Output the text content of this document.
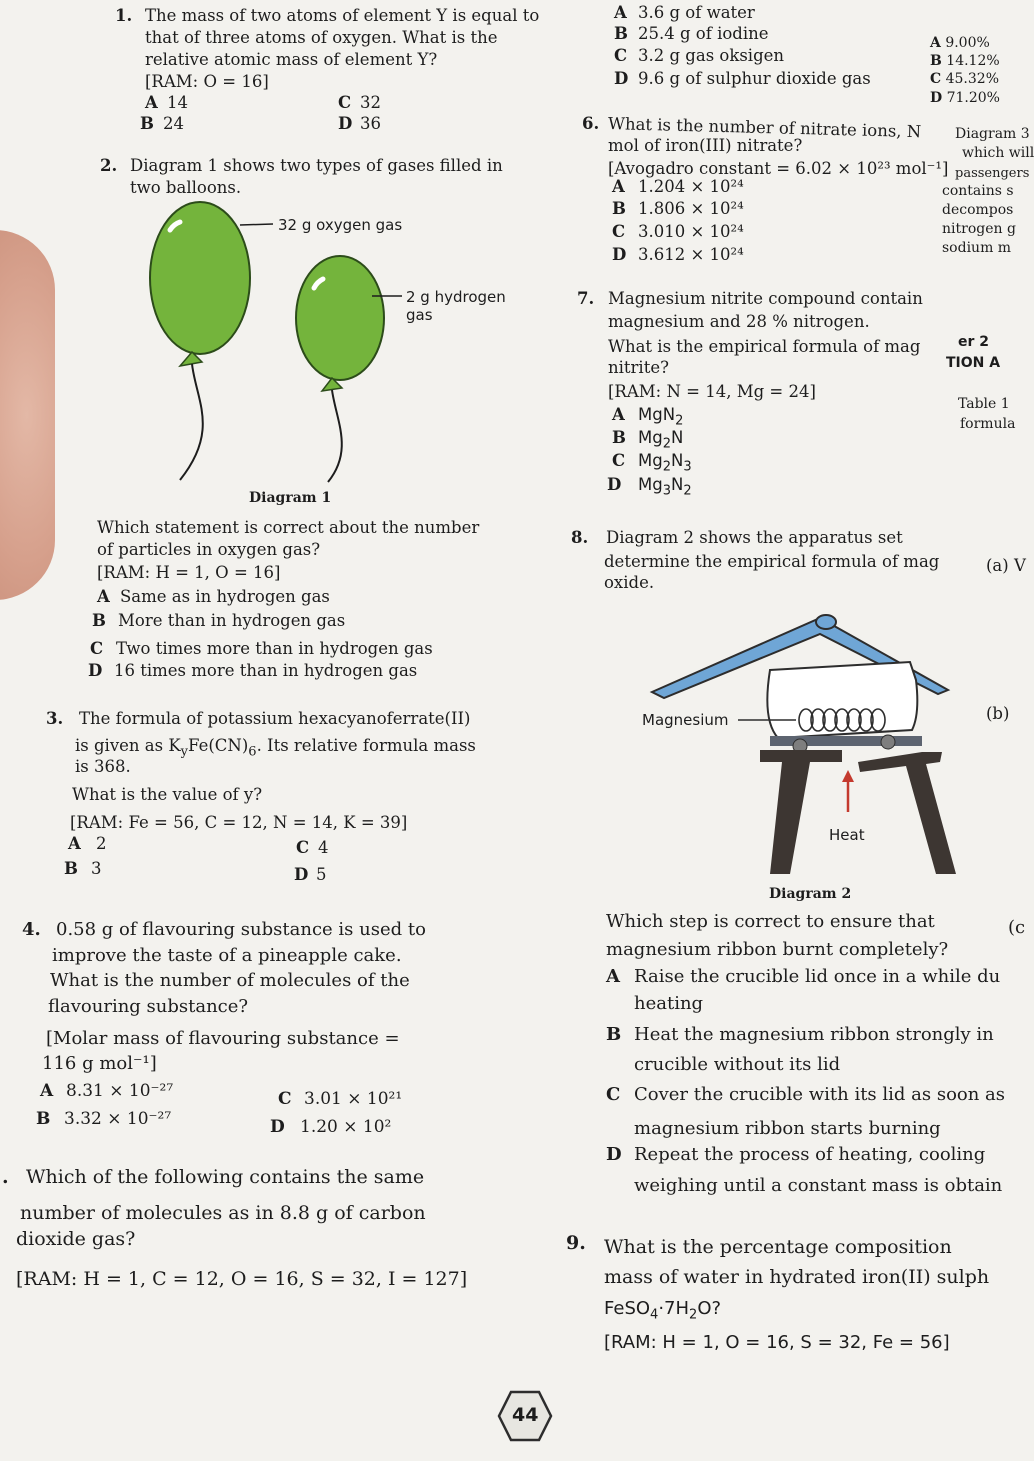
1. The mass of two atoms of element Y is equal to
that of three atoms of oxygen. What is the
relative atomic mass of element Y?
[RAM: O = 16]
A 14	C 32
B 24	D 36
2. Diagram 1 shows two types of gases filled in
two balloons.
32 g oxygen gas
2 g hydrogen
gas
Diagram 1
Which statement is correct about the number
of particles in oxygen gas?
[RAM: H = 1, O = 16]
A Same as in hydrogen gas
B More than in hydrogen gas
C Two times more than in hydrogen gas
D 16 times more than in hydrogen gas
3. The formula of potassium hexacyanoferrate(II)
is given as $K_yFe(CN)_6$. Its relative formula mass
is 368.
What is the value of y?
[RAM: Fe = 56, C = 12, N = 14, K = 39]
A 2	C 4
B 3	D 5
4. 0.58 g of flavouring substance is used to
improve the taste of a pineapple cake.
What is the number of molecules of the
flavouring substance?
[Molar mass of flavouring substance =
116 g mol⁻¹]
A 8.31 × 10⁻²⁷	C 3.01 × 10²¹
B 3.32 × 10⁻²⁷	D 1.20 × 10²
. Which of the following contains the same
number of molecules as in 8.8 g of carbon
dioxide gas?
[RAM: H = 1, C = 12, O = 16, S = 32, I = 127]
A 3.6 g of water
B 25.4 g of iodine
C 3.2 g gas oksigen
D 9.6 g of sulphur dioxide gas
A 9.00%
B 14.12%
C 45.32%
D 71.20%
6. What is the number of nitrate ions, N
mol of iron(III) nitrate?
[Avogadro constant = 6.02 × 10²³ mol⁻¹]
A 1.204 × 10²⁴
B 1.806 × 10²⁴
C 3.010 × 10²⁴
D 3.612 × 10²⁴
Diagram 3
which will
passengers
contains s
decompos
nitrogen g
sodium m
7. Magnesium nitrite compound contain
magnesium and 28 % nitrogen.
What is the empirical formula of mag
nitrite?
[RAM: N = 14, Mg = 24]
A MgN$_2$
B $Mg_2N$
C $Mg_2N_3$
D $Mg_3N_2$
er 2
TION A
Table 1
formula
8. Diagram 2 shows the apparatus set
determine the empirical formula of mag
oxide.
(a) V
Magnesium
Heat
(b)
Diagram 2
Which step is correct to ensure that
magnesium ribbon burnt completely?
(c
A Raise the crucible lid once in a while du
heating
B Heat the magnesium ribbon strongly in
crucible without its lid
C Cover the crucible with its lid as soon as
magnesium ribbon starts burning
D Repeat the process of heating, cooling
weighing until a constant mass is obtain
9. What is the percentage composition
mass of water in hydrated iron(II) sulph
$FeSO_4\cdot 7H_2O$?
[RAM: H = 1, O = 16, S = 32, Fe = 56]
44
